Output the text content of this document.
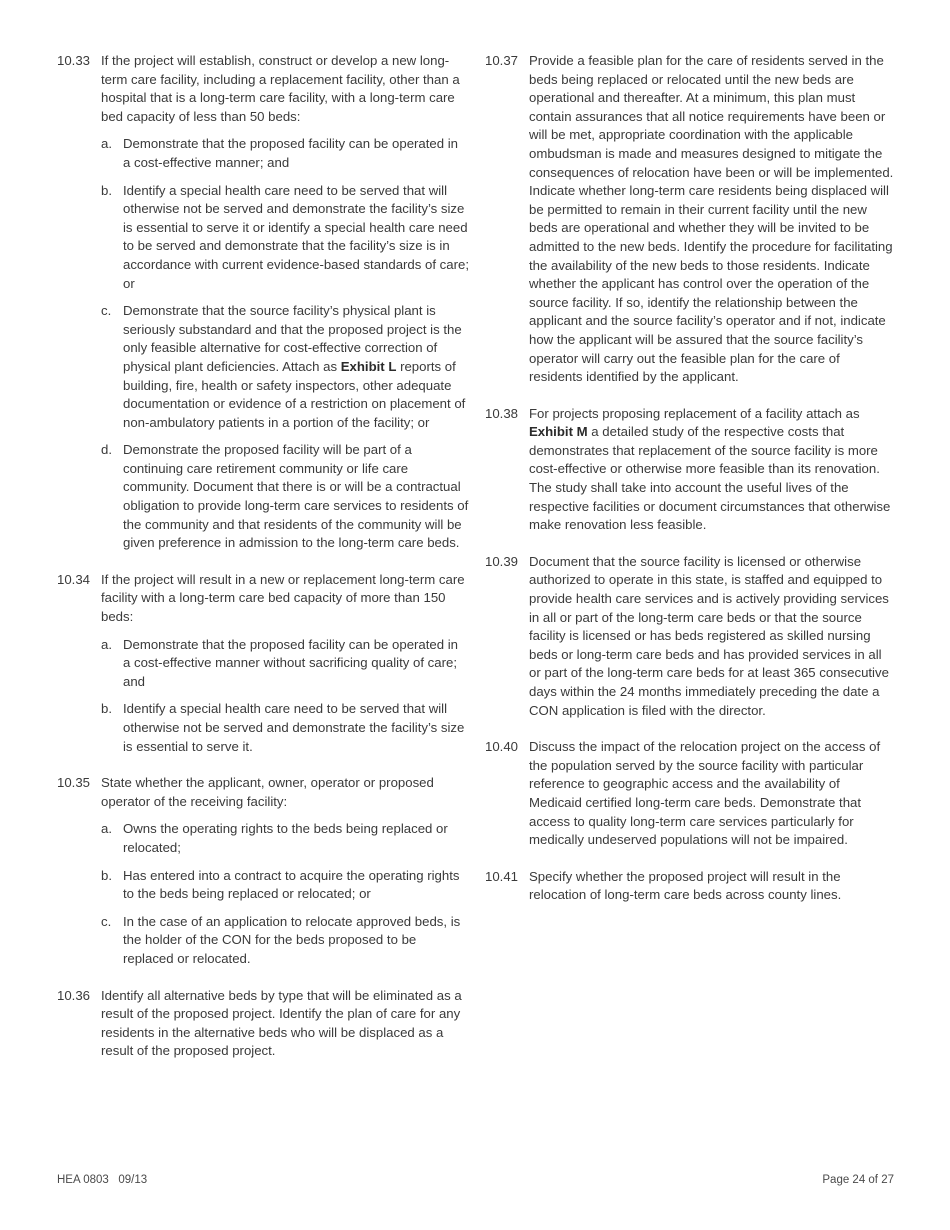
10.33 If the project will establish, construct or develop a new long-term care facility, including a replacement facility, other than a hospital that is a long-term care facility, with a long-term care bed capacity of less than 50 beds:
a. Demonstrate that the proposed facility can be operated in a cost-effective manner; and
b. Identify a special health care need to be served that will otherwise not be served and demonstrate the facility’s size is essential to serve it or identify a special health care need to be served and demonstrate that the facility’s size is in accordance with current evidence-based standards of care; or
c. Demonstrate that the source facility’s physical plant is seriously substandard and that the proposed project is the only feasible alternative for cost-effective correction of physical plant deficiencies. Attach as Exhibit L reports of building, fire, health or safety inspectors, other adequate documentation or evidence of a restriction on placement of non-ambulatory patients in a portion of the facility; or
d. Demonstrate the proposed facility will be part of a continuing care retirement community or life care community. Document that there is or will be a contractual obligation to provide long-term care services to residents of the community and that residents of the community will be given preference in admission to the long-term care beds.
10.34 If the project will result in a new or replacement long-term care facility with a long-term care bed capacity of more than 150 beds:
a. Demonstrate that the proposed facility can be operated in a cost-effective manner without sacrificing quality of care; and
b. Identify a special health care need to be served that will otherwise not be served and demonstrate the facility’s size is essential to serve it.
10.35 State whether the applicant, owner, operator or proposed operator of the receiving facility:
a. Owns the operating rights to the beds being replaced or relocated;
b. Has entered into a contract to acquire the operating rights to the beds being replaced or relocated; or
c. In the case of an application to relocate approved beds, is the holder of the CON for the beds proposed to be replaced or relocated.
10.36 Identify all alternative beds by type that will be eliminated as a result of the proposed project. Identify the plan of care for any residents in the alternative beds who will be displaced as a result of the proposed project.
10.37 Provide a feasible plan for the care of residents served in the beds being replaced or relocated until the new beds are operational and thereafter. At a minimum, this plan must contain assurances that all notice requirements have been or will be met, appropriate coordination with the applicable ombudsman is made and measures designed to mitigate the consequences of relocation have been or will be implemented. Indicate whether long-term care residents being displaced will be permitted to remain in their current facility until the new beds are operational and whether they will be invited to be admitted to the new beds. Identify the procedure for facilitating the availability of the new beds to those residents. Indicate whether the applicant has control over the operation of the source facility. If so, identify the relationship between the applicant and the source facility’s operator and if not, indicate how the applicant will be assured that the source facility’s operator will carry out the feasible plan for the care of residents identified by the applicant.
10.38 For projects proposing replacement of a facility attach as Exhibit M a detailed study of the respective costs that demonstrates that replacement of the source facility is more cost-effective or otherwise more feasible than its renovation. The study shall take into account the useful lives of the respective facilities or document circumstances that otherwise make renovation less feasible.
10.39 Document that the source facility is licensed or otherwise authorized to operate in this state, is staffed and equipped to provide health care services and is actively providing services in all or part of the long-term care beds or that the source facility is licensed or has beds registered as skilled nursing beds or long-term care beds and has provided services in all or part of the long-term care beds for at least 365 consecutive days within the 24 months immediately preceding the date a CON application is filed with the director.
10.40 Discuss the impact of the relocation project on the access of the population served by the source facility with particular reference to geographic access and the availability of Medicaid certified long-term care beds. Demonstrate that access to quality long-term care services particularly for medically undeserved populations will not be impaired.
10.41 Specify whether the proposed project will result in the relocation of long-term care beds across county lines.
HEA 0803   09/13	Page 24 of 27
